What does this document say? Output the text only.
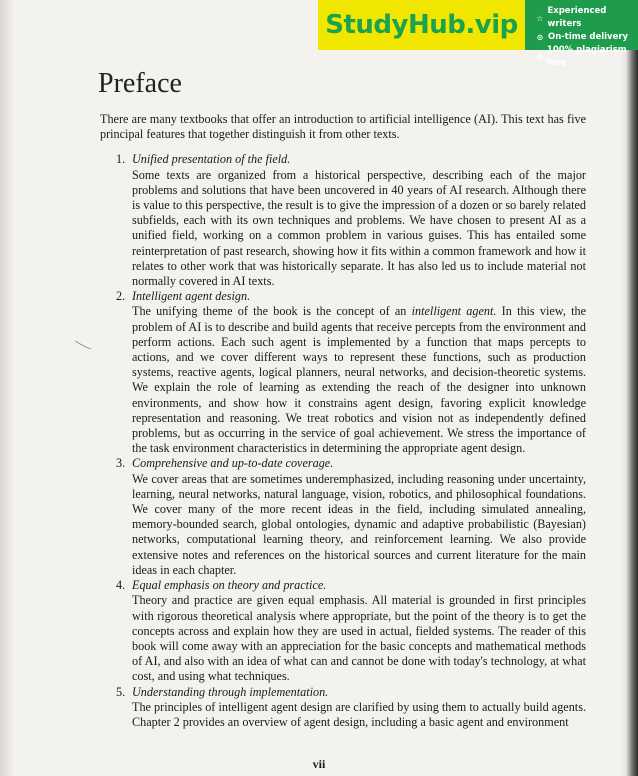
StudyHub.vip	☆
Experienced writers
⊙ On-time delivery
✿
100% plagiarism free
Preface

There are many textbooks that offer an introduction to artificial intelligence (AI). This text has five principal features that together distinguish it from other texts.

1. Unified presentation of the field.
Some texts are organized from a historical perspective, describing each of the major problems and solutions that have been uncovered in 40 years of AI research. Although there is value to this perspective, the result is to give the impression of a dozen or so barely related subfields, each with its own techniques and problems. We have chosen to present AI as a unified field, working on a common problem in various guises. This has entailed some reinterpretation of past research, showing how it fits within a common framework and how it relates to other work that was historically separate. It has also led us to include material not normally covered in AI texts.
2. Intelligent agent design.
The unifying theme of the book is the concept of an intelligent agent. In this view, the problem of AI is to describe and build agents that receive percepts from the environment and perform actions. Each such agent is implemented by a function that maps percepts to actions, and we cover different ways to represent these functions, such as production systems, reactive agents, logical planners, neural networks, and decision-theoretic systems. We explain the role of learning as extending the reach of the designer into unknown environments, and show how it constrains agent design, favoring explicit knowledge representation and reasoning. We treat robotics and vision not as independently defined problems, but as occurring in the service of goal achievement. We stress the importance of the task environment characteristics in determining the appropriate agent design.
3. Comprehensive and up-to-date coverage.
We cover areas that are sometimes underemphasized, including reasoning under uncertainty, learning, neural networks, natural language, vision, robotics, and philosophical foundations. We cover many of the more recent ideas in the field, including simulated annealing, memory-bounded search, global ontologies, dynamic and adaptive probabilistic (Bayesian) networks, computational learning theory, and reinforcement learning. We also provide extensive notes and references on the historical sources and current literature for the main ideas in each chapter.
4. Equal emphasis on theory and practice.
Theory and practice are given equal emphasis. All material is grounded in first principles with rigorous theoretical analysis where appropriate, but the point of the theory is to get the concepts across and explain how they are used in actual, fielded systems. The reader of this book will come away with an appreciation for the basic concepts and mathematical methods of AI, and also with an idea of what can and cannot be done with today's technology, at what cost, and using what techniques.
5. Understanding through implementation.
The principles of intelligent agent design are clarified by using them to actually build agents. Chapter 2 provides an overview of agent design, including a basic agent and environment
vii
